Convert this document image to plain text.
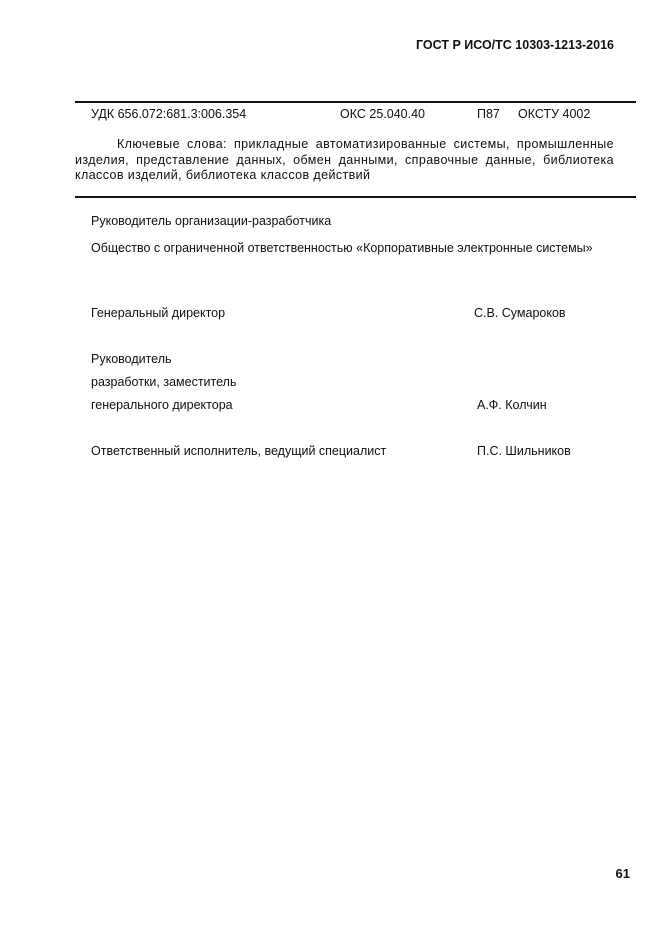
ГОСТ Р ИСО/ТС 10303-1213-2016
УДК 656.072:681.3:006.354	ОКС 25.040.40	П87 ОКСТУ 4002
Ключевые слова: прикладные автоматизированные системы, промышленные изделия, представление данных, обмен данными, справочные данные, библиотека классов изделий, библиотека классов действий
Руководитель организации-разработчика
Общество с ограниченной ответственностью «Корпоративные электронные системы»
Генеральный директор	С.В. Сумароков
Руководитель
разработки, заместитель
генерального директора	А.Ф. Колчин
Ответственный исполнитель, ведущий специалист	П.С. Шильников
61
